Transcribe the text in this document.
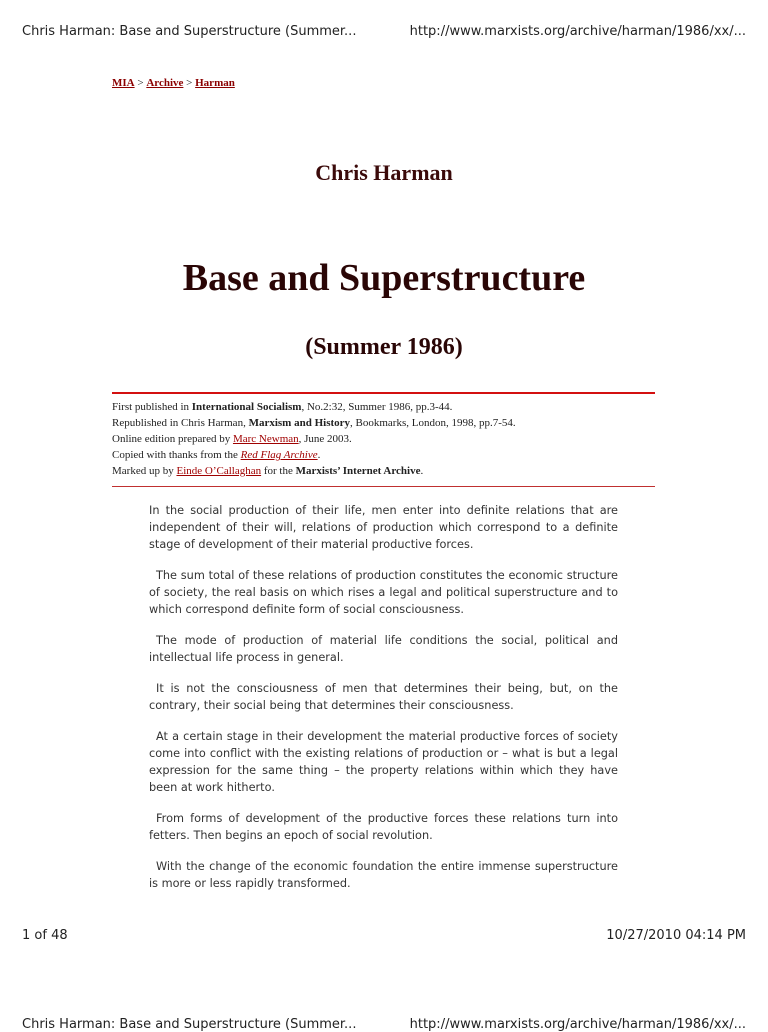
Chris Harman: Base and Superstructure (Summer...	http://www.marxists.org/archive/harman/1986/xx/...
MIA > Archive > Harman
Chris Harman
Base and Superstructure
(Summer 1986)
First published in International Socialism, No.2:32, Summer 1986, pp.3-44.
Republished in Chris Harman, Marxism and History, Bookmarks, London, 1998, pp.7-54.
Online edition prepared by Marc Newman, June 2003.
Copied with thanks from the Red Flag Archive.
Marked up by Einde O’Callaghan for the Marxists’ Internet Archive.

In the social production of their life, men enter into definite relations that are independent of their will, relations of production which correspond to a definite stage of development of their material productive forces.

The sum total of these relations of production constitutes the economic structure of society, the real basis on which rises a legal and political superstructure and to which correspond definite form of social consciousness.

The mode of production of material life conditions the social, political and intellectual life process in general.

It is not the consciousness of men that determines their being, but, on the contrary, their social being that determines their consciousness.

At a certain stage in their development the material productive forces of society come into conflict with the existing relations of production or – what is but a legal expression for the same thing – the property relations within which they have been at work hitherto.

From forms of development of the productive forces these relations turn into fetters. Then begins an epoch of social revolution.

With the change of the economic foundation the entire immense superstructure is more or less rapidly transformed.

1 of 48	10/27/2010 04:14 PM
Chris Harman: Base and Superstructure (Summer...	http://www.marxists.org/archive/harman/1986/xx/...
